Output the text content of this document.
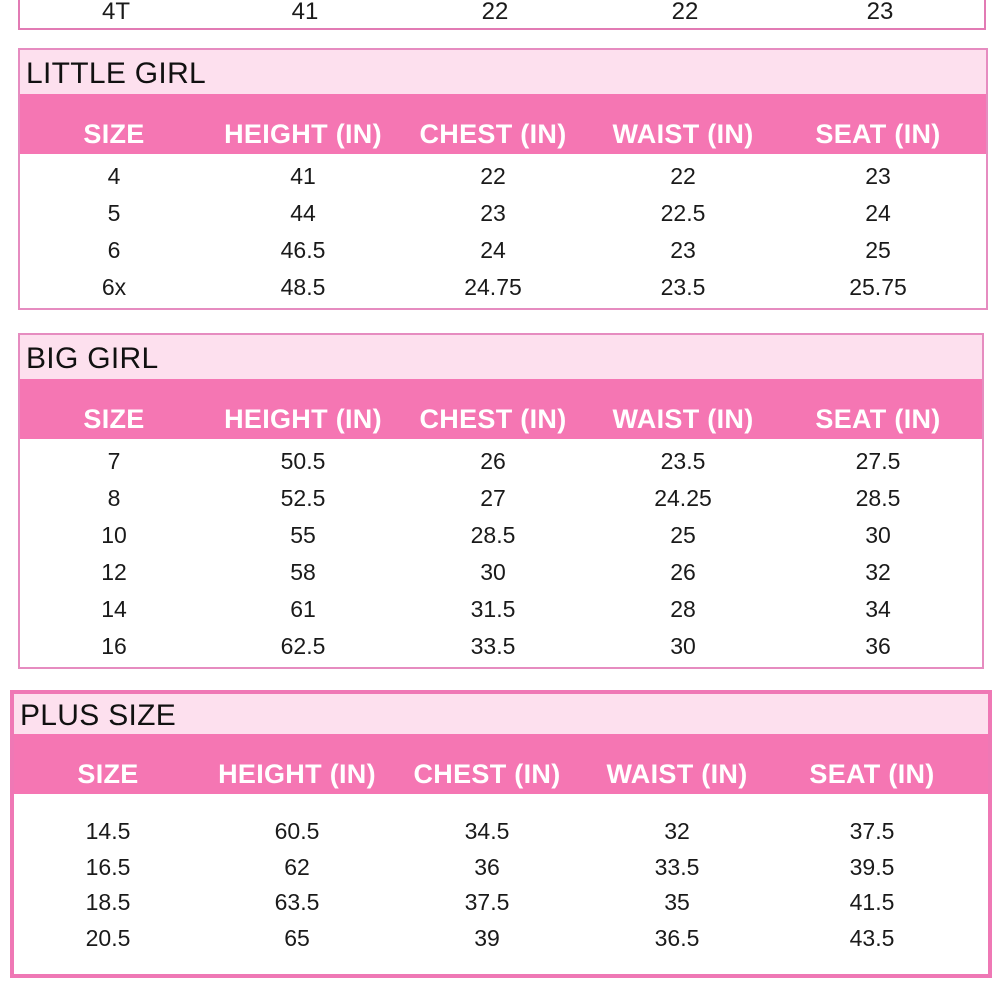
4T	41	22	22	23
LITTLE GIRL
SIZE	HEIGHT (IN)	CHEST (IN)	WAIST (IN)	SEAT (IN)
4	41	22	22	23
5	44	23	22.5	24
6	46.5	24	23	25
6x	48.5	24.75	23.5	25.75
BIG GIRL
SIZE	HEIGHT (IN)	CHEST (IN)	WAIST (IN)	SEAT (IN)
7	50.5	26	23.5	27.5
8	52.5	27	24.25	28.5
10	55	28.5	25	30
12	58	30	26	32
14	61	31.5	28	34
16	62.5	33.5	30	36
PLUS SIZE
SIZE	HEIGHT (IN)	CHEST (IN)	WAIST (IN)	SEAT (IN)
14.5	60.5	34.5	32	37.5
16.5	62	36	33.5	39.5
18.5	63.5	37.5	35	41.5
20.5	65	39	36.5	43.5
